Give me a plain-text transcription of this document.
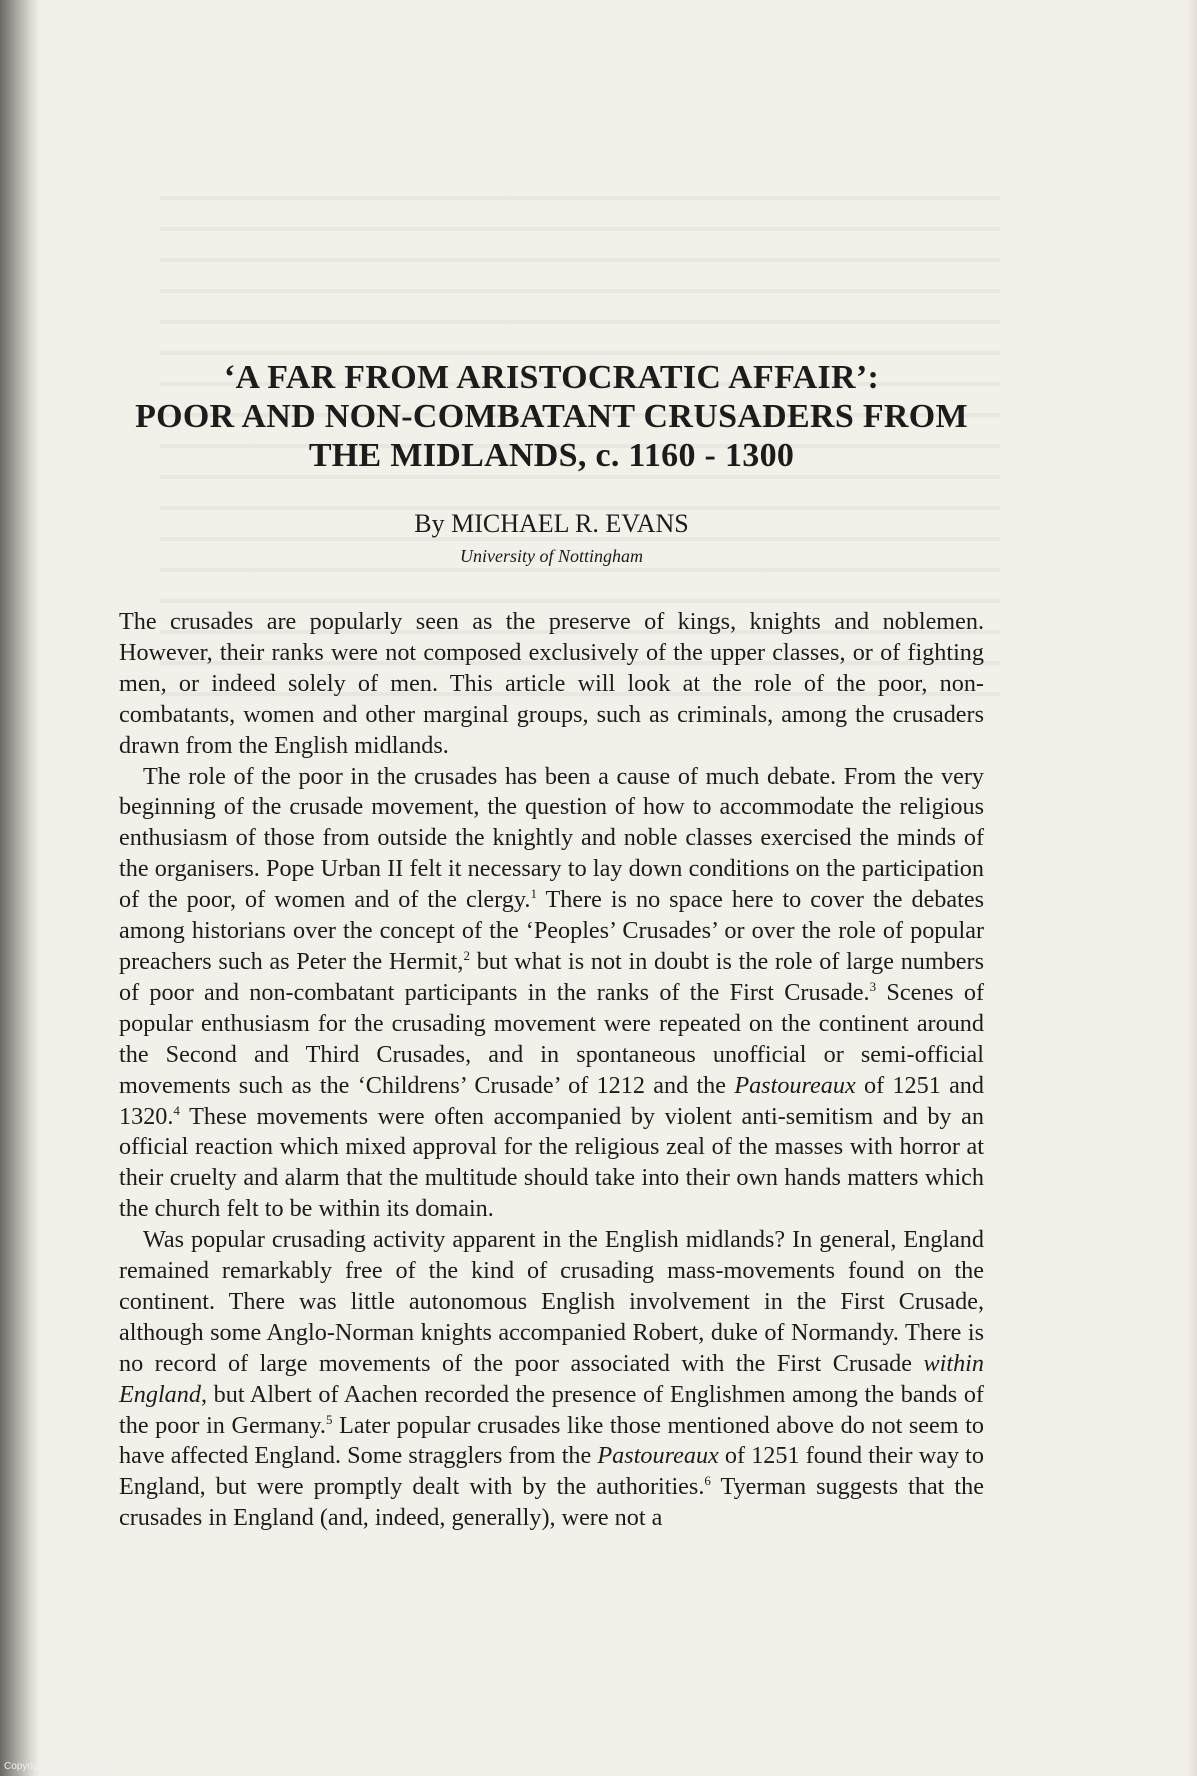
‘A FAR FROM ARISTOCRATIC AFFAIR’:
POOR AND NON-COMBATANT CRUSADERS FROM
THE MIDLANDS, c. 1160 - 1300
By MICHAEL R. EVANS
University of Nottingham

The crusades are popularly seen as the preserve of kings, knights and noblemen. However, their ranks were not composed exclusively of the upper classes, or of fighting men, or indeed solely of men. This article will look at the role of the poor, non-combatants, women and other marginal groups, such as criminals, among the crusaders drawn from the English midlands.

The role of the poor in the crusades has been a cause of much debate. From the very beginning of the crusade movement, the question of how to accommodate the religious enthusiasm of those from outside the knightly and noble classes exercised the minds of the organisers. Pope Urban II felt it necessary to lay down conditions on the participation of the poor, of women and of the clergy.$^1$ There is no space here to cover the debates among historians over the concept of the ‘Peoples’ Crusades’ or over the role of popular preachers such as Peter the Hermit,$^2$ but what is not in doubt is the role of large numbers of poor and non-combatant participants in the ranks of the First Crusade.$^3$ Scenes of popular enthusiasm for the crusading movement were repeated on the continent around the Second and Third Crusades, and in spontaneous unofficial or semi-official movements such as the ‘Childrens’ Crusade’ of 1212 and the Pastoureaux of 1251 and 1320.$^4$ These movements were often accompanied by violent anti-semitism and by an official reaction which mixed approval for the religious zeal of the masses with horror at their cruelty and alarm that the multitude should take into their own hands matters which the church felt to be within its domain.

Was popular crusading activity apparent in the English midlands? In general, England remained remarkably free of the kind of crusading mass-movements found on the continent. There was little autonomous English involvement in the First Crusade, although some Anglo-Norman knights accompanied Robert, duke of Normandy. There is no record of large movements of the poor associated with the First Crusade within England, but Albert of Aachen recorded the presence of Englishmen among the bands of the poor in Germany.$^5$ Later popular crusades like those mentioned above do not seem to have affected England. Some stragglers from the Pastoureaux of 1251 found their way to England, but were promptly dealt with by the authorities.$^6$ Tyerman suggests that the crusades in England (and, indeed, generally), were not a

Copyright Cosmo Int. Ltd
